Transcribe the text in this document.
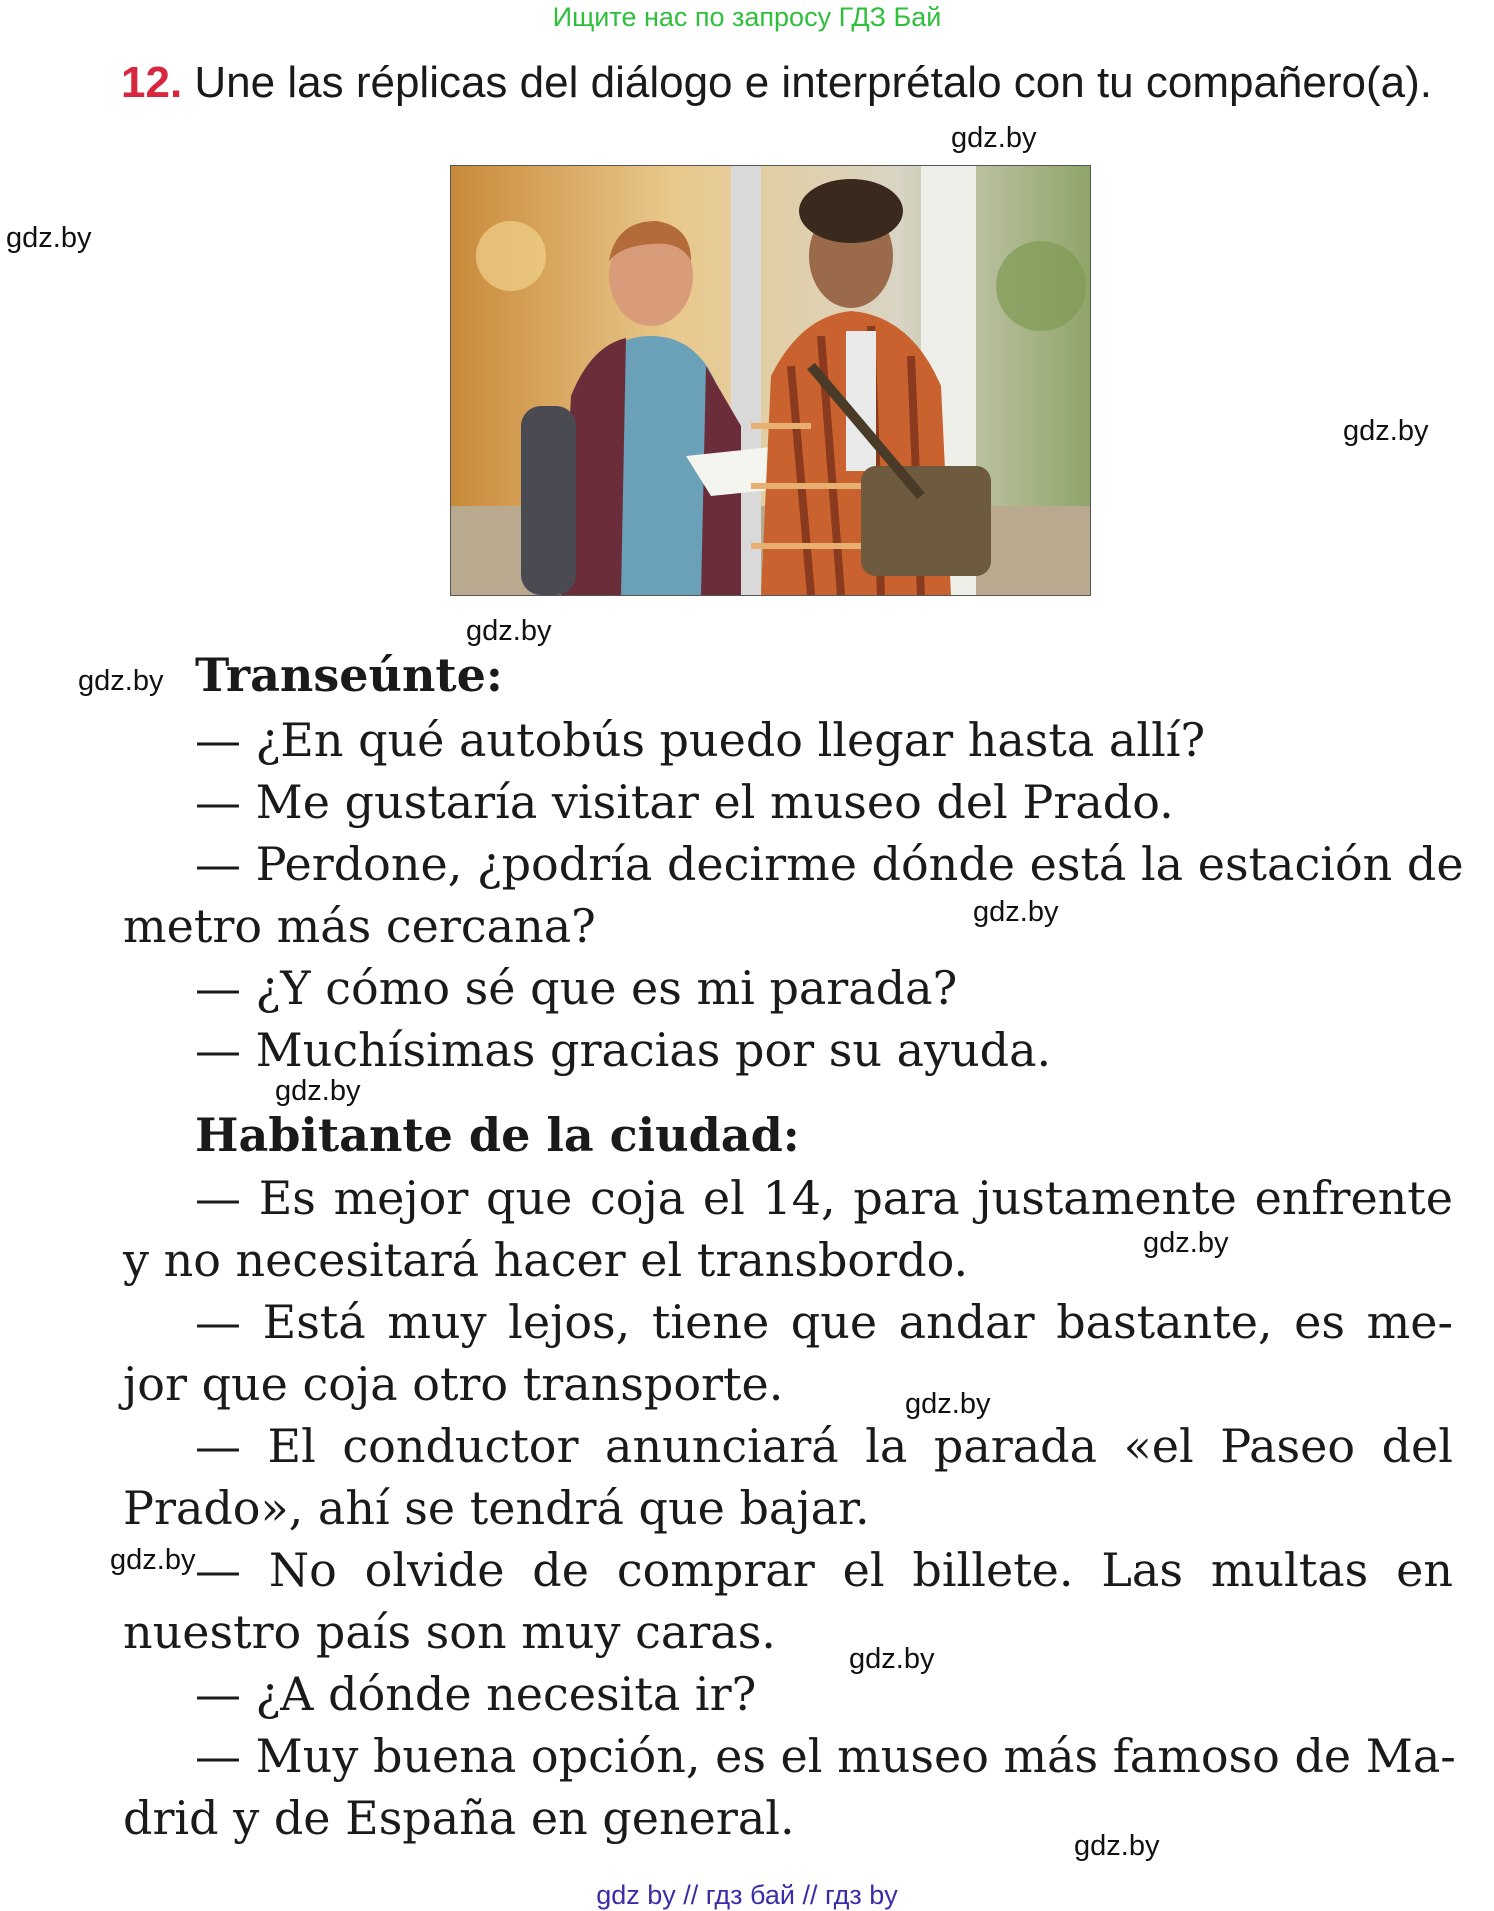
Ищите нас по запросу ГДЗ Бай
12. Une las réplicas del diálogo e interprétalo con tu compañero(a).
gdz.by
gdz.by
gdz.by
gdz.by
gdz.by
gdz.by
gdz.by
gdz.by
gdz.by
gdz.by
gdz.by
gdz.by
Transeúnte:
— ¿En qué autobús puedo llegar hasta allí?
— Me gustaría visitar el museo del Prado.
— Perdone, ¿podría decirme dónde está la estación de
metro más cercana?
— ¿Y cómo sé que es mi parada?
— Muchísimas gracias por su ayuda.
Habitante de la ciudad:
— Es mejor que coja el 14, para justamente enfrente
y no necesitará hacer el transbordo.
— Está muy lejos, tiene que andar bastante, es me-
jor que coja otro transporte.
— El conductor anunciará la parada «el Paseo del
Prado», ahí se tendrá que bajar.
— No olvide de comprar el billete. Las multas en
nuestro país son muy caras.
— ¿A dónde necesita ir?
— Muy buena opción, es el museo más famoso de Ma-
drid y de España en general.
gdz by // гдз бай // гдз by
